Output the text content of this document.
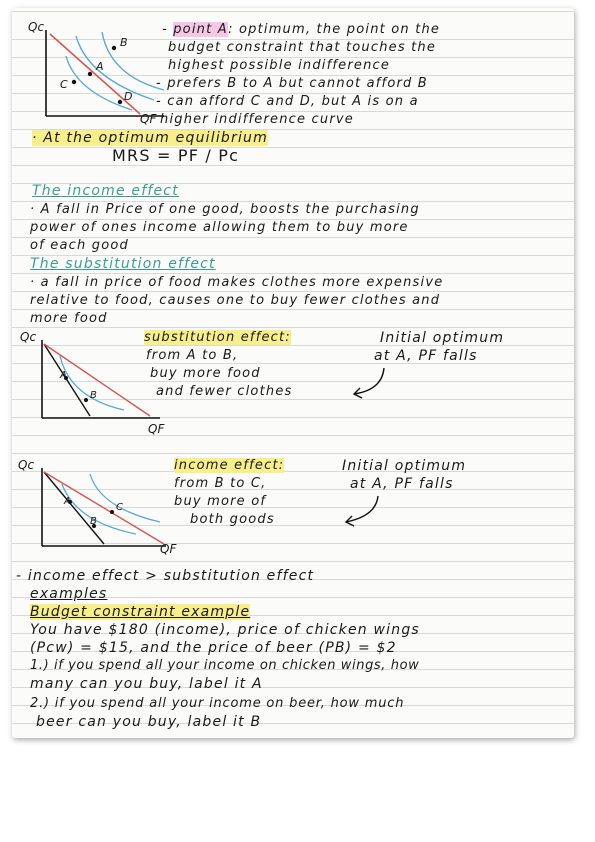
Qc
B
A
C
D
QF
- point A: optimum, the point on the
budget constraint that touches the
highest possible indifference
- prefers B to A but cannot afford B
- can afford C and D, but A is on a
higher indifference curve
· At the optimum equilibrium
MRS = PF / Pc
The income effect
· A fall in Price of one good, boosts the purchasing
power of ones income allowing them to buy more
of each good
The substitution effect
· a fall in price of food makes clothes more expensive
relative to food, causes one to buy fewer clothes and
more food
Qc
A
B
QF
substitution effect:
from A to B,
buy more food
and fewer clothes
Initial optimum
at A, PF falls
Qc
A
B
C
QF
income effect:
from B to C,
buy more of
both goods
Initial optimum
at A, PF falls
- income effect > substitution effect
examples
Budget constraint example
You have $180 (income), price of chicken wings
(Pcw) = $15, and the price of beer (PB) = $2
1.) if you spend all your income on chicken wings, how
many can you buy, label it A
2.) if you spend all your income on beer, how much
beer can you buy, label it B
